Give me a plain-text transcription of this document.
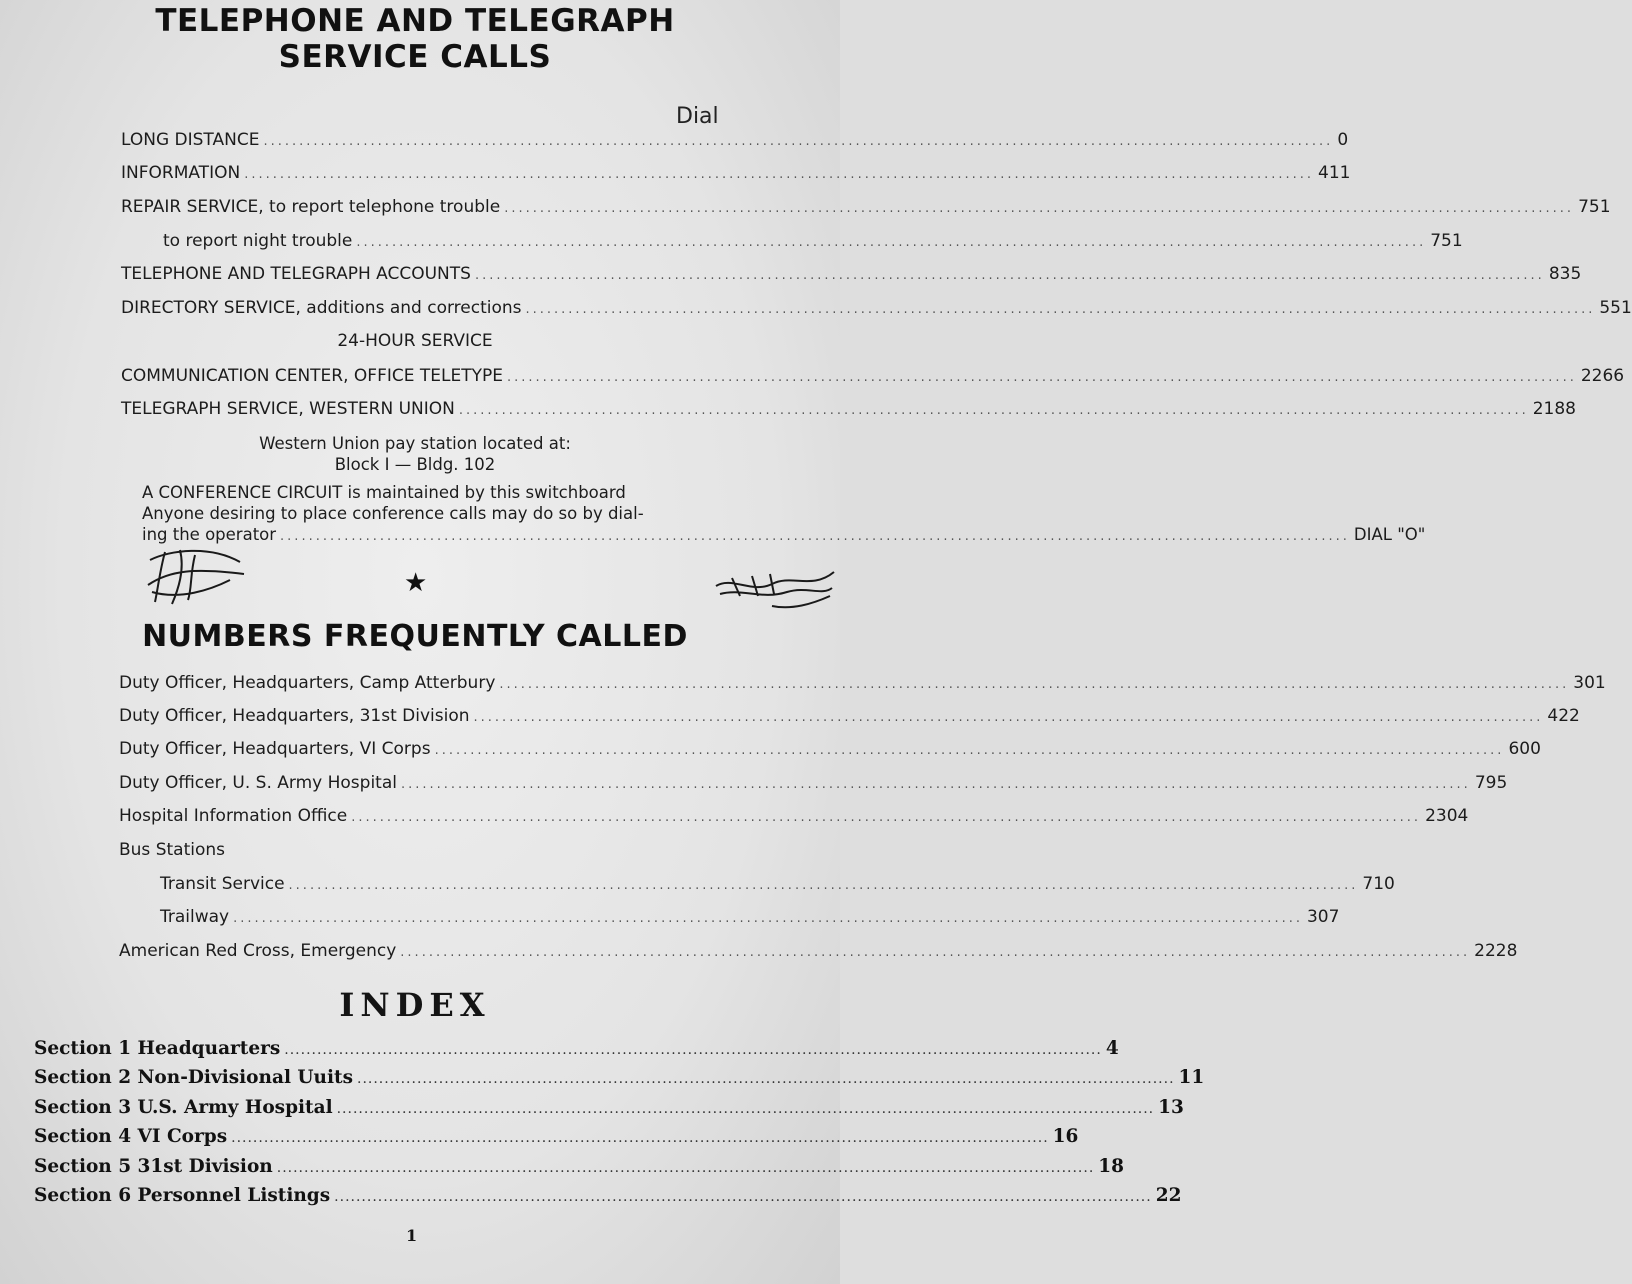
TELEPHONE AND TELEGRAPH
SERVICE CALLS
Dial
LONG DISTANCE ...................................................................................................................................................... 0
INFORMATION ...................................................................................................................................................... 411
REPAIR SERVICE, to report telephone trouble ...................................................................................................................................................... 751
to report night trouble ...................................................................................................................................................... 751
TELEPHONE AND TELEGRAPH ACCOUNTS ...................................................................................................................................................... 835
DIRECTORY SERVICE, additions and corrections ...................................................................................................................................................... 551
24-HOUR SERVICE
COMMUNICATION CENTER, OFFICE TELETYPE ...................................................................................................................................................... 2266
TELEGRAPH SERVICE, WESTERN UNION ...................................................................................................................................................... 2188
Western Union pay station located at:
Block I — Bldg. 102
A CONFERENCE CIRCUIT is maintained by this switchboard
Anyone desiring to place conference calls may do so by dial-
ing the operator ...................................................................................................................................................... DIAL "O"
★
NUMBERS FREQUENTLY CALLED
Duty Officer, Headquarters, Camp Atterbury ...................................................................................................................................................... 301
Duty Officer, Headquarters, 31st Division ...................................................................................................................................................... 422
Duty Officer, Headquarters, VI Corps ...................................................................................................................................................... 600
Duty Officer, U. S. Army Hospital ...................................................................................................................................................... 795
Hospital Information Office ...................................................................................................................................................... 2304
Bus Stations
Transit Service ...................................................................................................................................................... 710
Trailway ...................................................................................................................................................... 307
American Red Cross, Emergency ...................................................................................................................................................... 2228
INDEX
Section 1 Headquarters ...................................................................................................................................................... 4
Section 2 Non-Divisional Uuits ...................................................................................................................................................... 11
Section 3 U.S. Army Hospital ...................................................................................................................................................... 13
Section 4 VI Corps ...................................................................................................................................................... 16
Section 5 31st Division ...................................................................................................................................................... 18
Section 6 Personnel Listings ...................................................................................................................................................... 22
1
